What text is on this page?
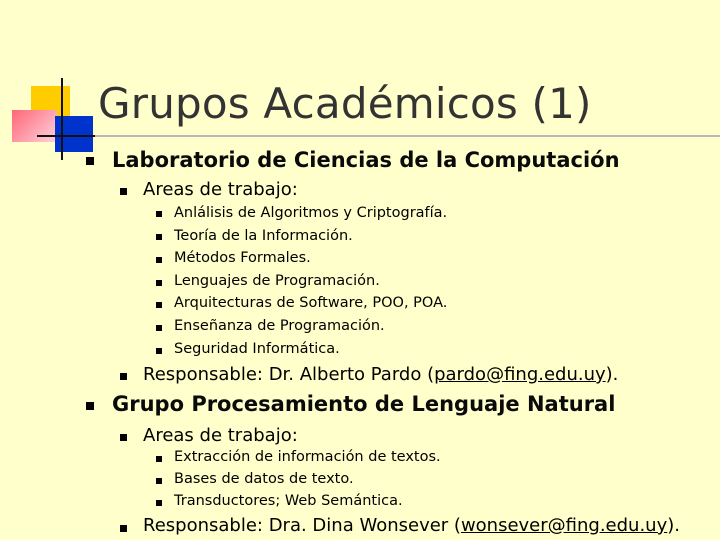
Grupos Académicos (1)
Laboratorio de Ciencias de la Computación
Areas de trabajo:
Anlálisis de Algoritmos y Criptografía.
Teoría de la Información.
Métodos Formales.
Lenguajes de Programación.
Arquitecturas de Software, POO, POA.
Enseñanza de Programación.
Seguridad Informática.
Responsable: Dr. Alberto Pardo (pardo@fing.edu.uy).
Grupo Procesamiento de Lenguaje Natural
Areas de trabajo:
Extracción de información de textos.
Bases de datos de texto.
Transductores; Web Semántica.
Responsable: Dra. Dina Wonsever (wonsever@fing.edu.uy).
